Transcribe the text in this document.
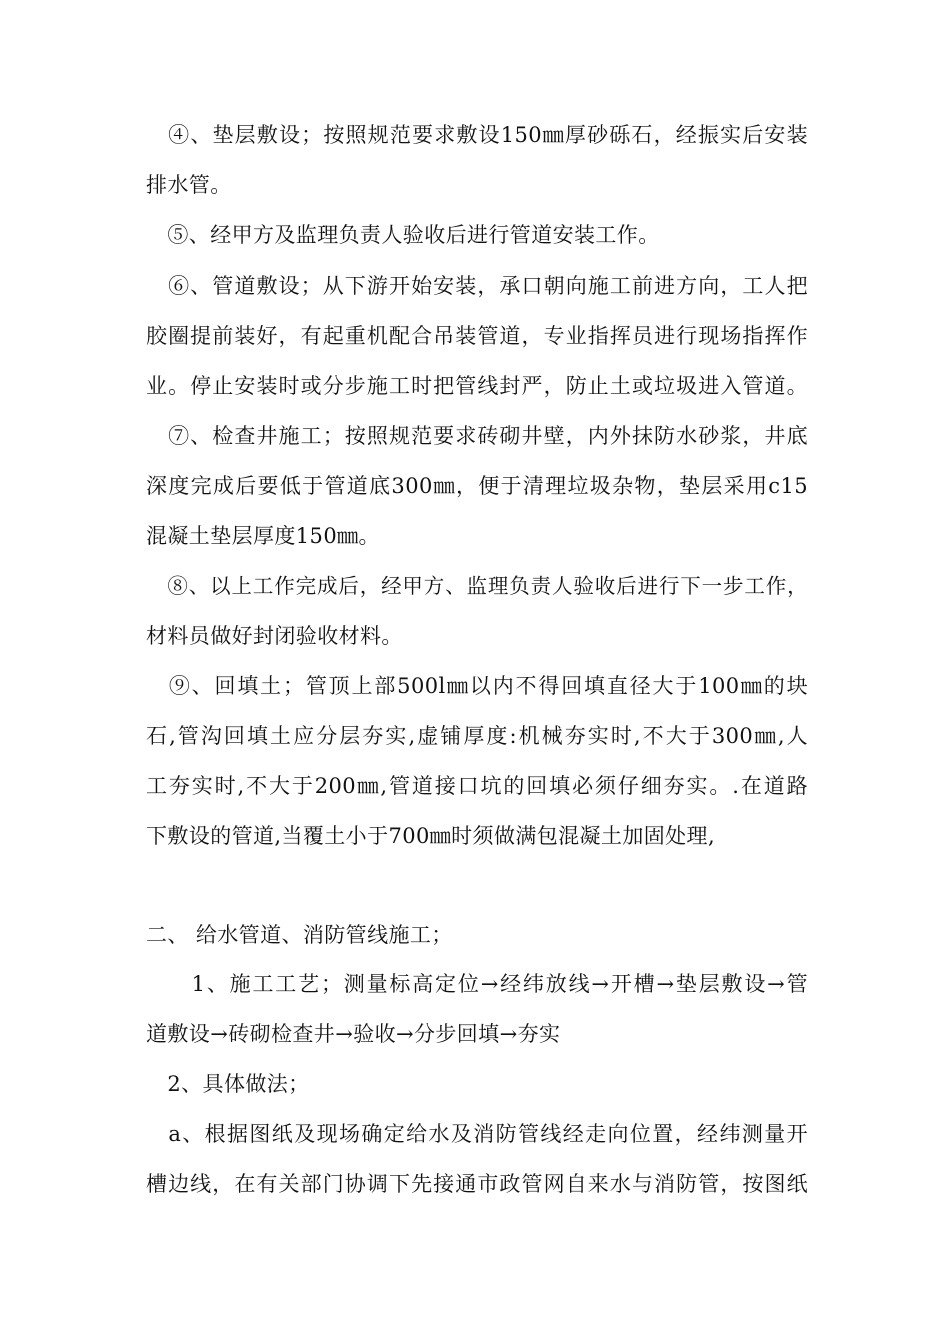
　④、垫层敷设；按照规范要求敷设150㎜厚砂砾石，经振实后安装
排水管。
　⑤、经甲方及监理负责人验收后进行管道安装工作。
　⑥、管道敷设；从下游开始安装，承口朝向施工前进方向，工人把
胶圈提前装好，有起重机配合吊装管道，专业指挥员进行现场指挥作
业。停止安装时或分步施工时把管线封严，防止土或垃圾进入管道。
　⑦、检查井施工；按照规范要求砖砌井壁，内外抹防水砂浆，井底
深度完成后要低于管道底300㎜，便于清理垃圾杂物，垫层采用c15
混凝土垫层厚度150㎜。
　⑧、以上工作完成后，经甲方、监理负责人验收后进行下一步工作，
材料员做好封闭验收材料。
　⑨、回填土；管顶上部500l㎜以内不得回填直径大于100㎜的块
石,管沟回填土应分层夯实,虚铺厚度:机械夯实时,不大于300㎜,人
工夯实时,不大于200㎜,管道接口坑的回填必须仔细夯实。.在道路
下敷设的管道,当覆土小于700㎜时须做满包混凝土加固处理,
二、 给水管道、消防管线施工；
　　1、施工工艺；测量标高定位→经纬放线→开槽→垫层敷设→管
道敷设→砖砌检查井→验收→分步回填→夯实
　2、具体做法；
　a、根据图纸及现场确定给水及消防管线经走向位置，经纬测量开
槽边线，在有关部门协调下先接通市政管网自来水与消防管，按图纸
